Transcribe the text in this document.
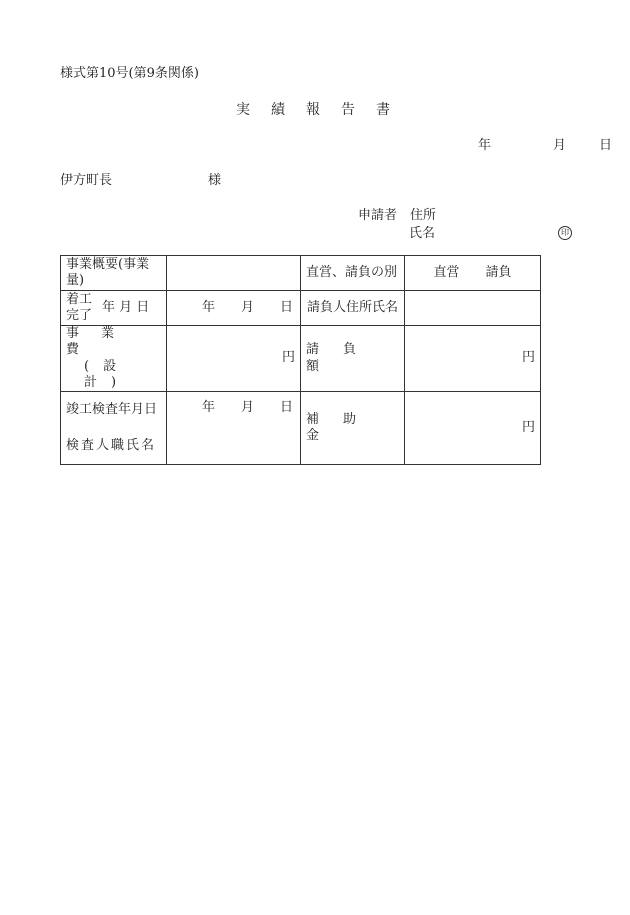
様式第10号(第9条関係)
実 績 報 告 書
年	月	日
伊方町長	様
申請者 住所
氏名	印
事業概要(事業量)		直営、請負の別	直営　　請負

着 工
完 了
年 月 日	年 月 日	請負人住所氏名	

事業費
(設計)	円	請負額	円

竣工検査年月日
検査人職氏名	年 月 日	補助金	円
